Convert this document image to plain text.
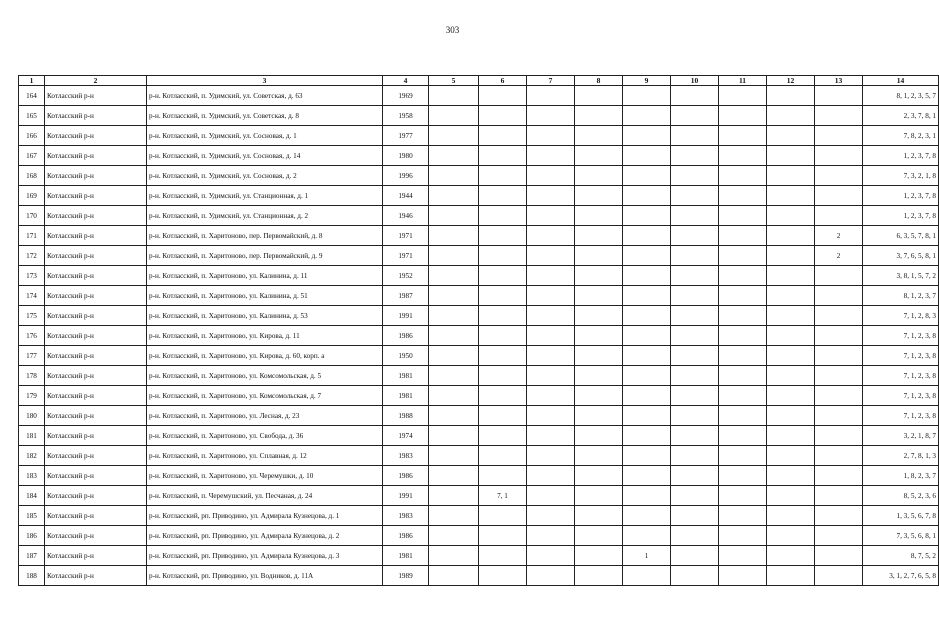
303
1	2	3	4	5	6	7	8	9	10	11	12	13	14
164	Котласский р-н	р-н. Котласский, п. Удимский, ул. Советская, д. 63	1969										8, 1, 2, 3, 5, 7
165	Котласский р-н	р-н. Котласский, п. Удимский, ул. Советская, д. 8	1958										2, 3, 7, 8, 1
166	Котласский р-н	р-н. Котласский, п. Удимский, ул. Сосновая, д. 1	1977										7, 8, 2, 3, 1
167	Котласский р-н	р-н. Котласский, п. Удимский, ул. Сосновая, д. 14	1980										1, 2, 3, 7, 8
168	Котласский р-н	р-н. Котласский, п. Удимский, ул. Сосновая, д. 2	1996										7, 3, 2, 1, 8
169	Котласский р-н	р-н. Котласский, п. Удимский, ул. Станционная, д. 1	1944										1, 2, 3, 7, 8
170	Котласский р-н	р-н. Котласский, п. Удимский, ул. Станционная, д. 2	1946										1, 2, 3, 7, 8
171	Котласский р-н	р-н. Котласский, п. Харитоново, пер. Первомайский, д. 8	1971									2	6, 3, 5, 7, 8, 1
172	Котласский р-н	р-н. Котласский, п. Харитоново, пер. Первомайский, д. 9	1971									2	3, 7, 6, 5, 8, 1
173	Котласский р-н	р-н. Котласский, п. Харитоново, ул. Калинина, д. 11	1952										3, 8, 1, 5, 7, 2
174	Котласский р-н	р-н. Котласский, п. Харитоново, ул. Калинина, д. 51	1987										8, 1, 2, 3, 7
175	Котласский р-н	р-н. Котласский, п. Харитоново, ул. Калинина, д. 53	1991										7, 1, 2, 8, 3
176	Котласский р-н	р-н. Котласский, п. Харитоново, ул. Кирова, д. 11	1986										7, 1, 2, 3, 8
177	Котласский р-н	р-н. Котласский, п. Харитоново, ул. Кирова, д. 60, корп. а	1950										7, 1, 2, 3, 8
178	Котласский р-н	р-н. Котласский, п. Харитоново, ул. Комсомольская, д. 5	1981										7, 1, 2, 3, 8
179	Котласский р-н	р-н. Котласский, п. Харитоново, ул. Комсомольская, д. 7	1981										7, 1, 2, 3, 8
180	Котласский р-н	р-н. Котласский, п. Харитоново, ул. Лесная, д. 23	1988										7, 1, 2, 3, 8
181	Котласский р-н	р-н. Котласский, п. Харитоново, ул. Свобода, д. 36	1974										3, 2, 1, 8, 7
182	Котласский р-н	р-н. Котласский, п. Харитоново, ул. Сплавная, д. 12	1983										2, 7, 8, 1, 3
183	Котласский р-н	р-н. Котласский, п. Харитоново, ул. Черемушки, д. 10	1986										1, 8, 2, 3, 7
184	Котласский р-н	р-н. Котласский, п. Черемушский, ул. Песчаная, д. 24	1991		7, 1								8, 5, 2, 3, 6
185	Котласский р-н	р-н. Котласский, рп. Приводино, ул. Адмирала Кузнецова, д. 1	1983										1, 3, 5, 6, 7, 8
186	Котласский р-н	р-н. Котласский, рп. Приводино, ул. Адмирала Кузнецова, д. 2	1986										7, 3, 5, 6, 8, 1
187	Котласский р-н	р-н. Котласский, рп. Приводино, ул. Адмирала Кузнецова, д. 3	1981					1					8, 7, 5, 2
188	Котласский р-н	р-н. Котласский, рп. Приводино, ул. Водников, д. 11А	1989										3, 1, 2, 7, 6, 5, 8
